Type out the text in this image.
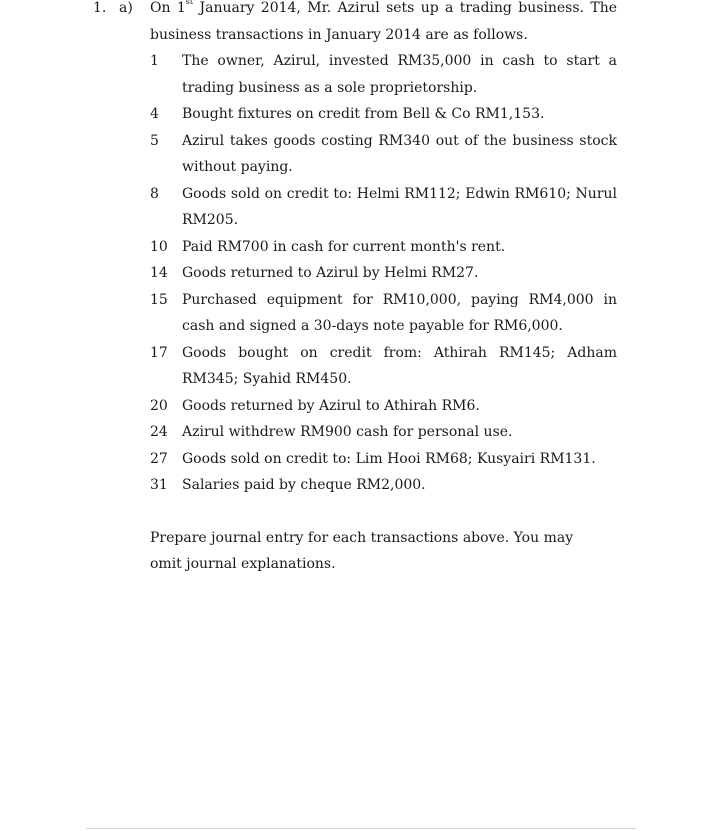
1. a) On 1st January 2014, Mr. Azirul sets up a trading business. The business transactions in January 2014 are as follows.

1	The owner, Azirul, invested RM35,000 in cash to start a trading business as a sole proprietorship.
4	Bought fixtures on credit from Bell & Co RM1,153.
5	Azirul takes goods costing RM340 out of the business stock without paying.
8	Goods sold on credit to: Helmi RM112; Edwin RM610; Nurul RM205.
10	Paid RM700 in cash for current month's rent.
14	Goods returned to Azirul by Helmi RM27.
15	Purchased equipment for RM10,000, paying RM4,000 in cash and signed a 30-days note payable for RM6,000.
17	Goods bought on credit from: Athirah RM145; Adham RM345; Syahid RM450.
20	Goods returned by Azirul to Athirah RM6.
24	Azirul withdrew RM900 cash for personal use.
27	Goods sold on credit to: Lim Hooi RM68; Kusyairi RM131.
31	Salaries paid by cheque RM2,000.

Prepare journal entry for each transactions above. You may omit journal explanations.
